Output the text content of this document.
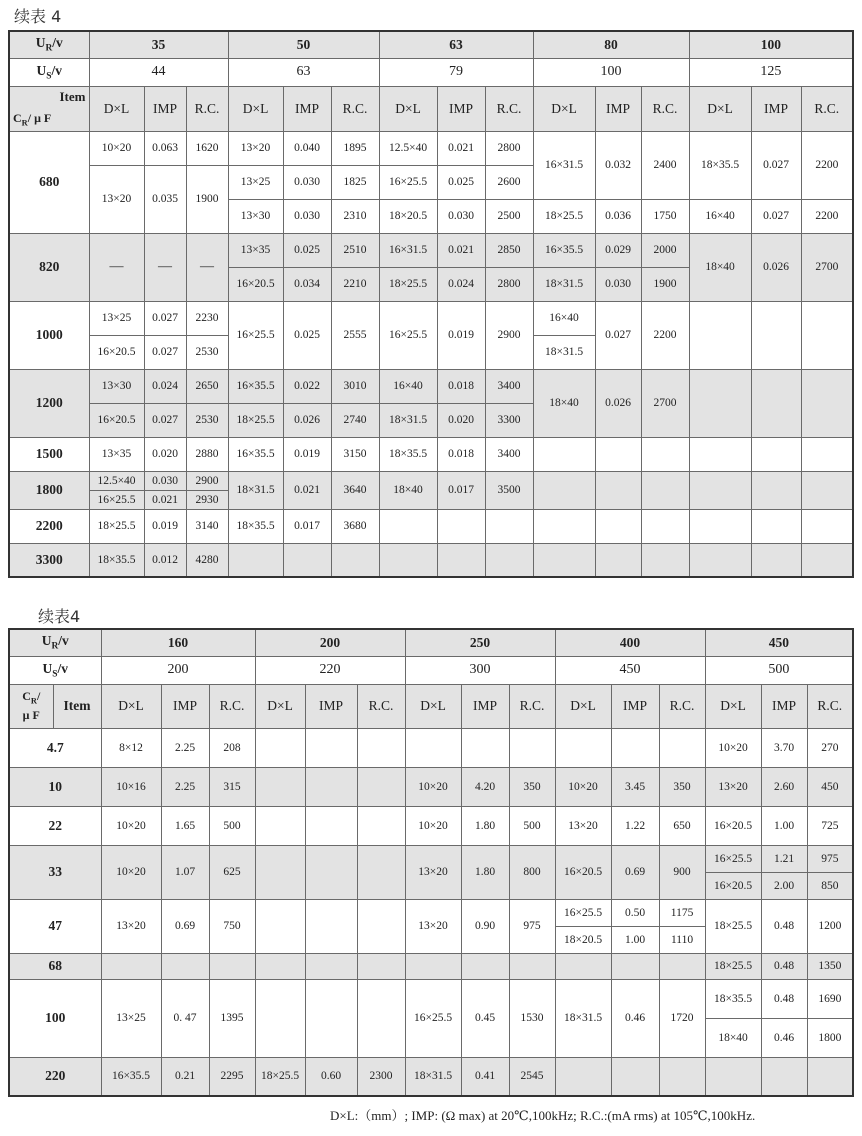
续表 4
$U_R/v$	35			50			63			80			100		
$U_S/v$	44			63			79			100			125		

Item
$C_R/$ μ F	D×L	IMP	R.C.	D×L	IMP	R.C.	D×L	IMP	R.C.	D×L	IMP	R.C.	D×L	IMP	R.C.
680	10×20	0.063	1620	13×20	0.040	1895	12.5×40	0.021	2800	16×31.5	0.032	2400	18×35.5	0.027	2200

	13×20	0.035	1900	13×25	0.030	1825	16×25.5	0.025	2600						
				13×30	0.030	2310	18×20.5	0.030	2500	18×25.5	0.036	1750	16×40	0.027	2200
820	—	—	—	13×35	0.025	2510	16×31.5	0.021	2850	16×35.5	0.029	2000	18×40	0.026	2700
				16×20.5	0.034	2210	18×25.5	0.024	2800	18×31.5	0.030	1900			
1000	13×25	0.027	2230	16×25.5	0.025	2555	16×25.5	0.019	2900	16×40	0.027	2200			
	16×20.5	0.027	2530							18×31.5					
1200	13×30	0.024	2650	16×35.5	0.022	3010	16×40	0.018	3400	18×40	0.026	2700			
	16×20.5	0.027	2530	18×25.5	0.026	2740	18×31.5	0.020	3300						
1500	13×35	0.020	2880	16×35.5	0.019	3150	18×35.5	0.018	3400						
1800	12.5×40	0.030	2900	18×31.5	0.021	3640	18×40	0.017	3500						
	16×25.5	0.021	2930												
2200	18×25.5	0.019	3140	18×35.5	0.017	3680									
3300	18×35.5	0.012	4280												
续表4
$U_R/v$		160			200			250			400			450		
$U_S/v$		200			220			300			450			500		
$C_R/$
μ F	Item	D×L	IMP	R.C.	D×L	IMP	R.C.	D×L	IMP	R.C.	D×L	IMP	R.C.	D×L	IMP	R.C.
4.7		8×12	2.25	208										10×20	3.70	270
10		10×16	2.25	315				10×20	4.20	350	10×20	3.45	350	13×20	2.60	450
22		10×20	1.65	500				10×20	1.80	500	13×20	1.22	650	16×20.5	1.00	725
33		10×20	1.07	625				13×20	1.80	800	16×20.5	0.69	900	16×25.5	1.21	975
														16×20.5	2.00	850
47		13×20	0.69	750				13×20	0.90	975	16×25.5	0.50	1175	18×25.5	0.48	1200
											18×20.5	1.00	1110			
68														18×25.5	0.48	1350
100		13×25	0. 47	1395				16×25.5	0.45	1530	18×31.5	0.46	1720	18×35.5	0.48	1690
														18×40	0.46	1800
220		16×35.5	0.21	2295	18×25.5	0.60	2300	18×31.5	0.41	2545						
D×L:（mm）; IMP: (Ω max) at 20℃,100kHz; R.C.:(mA rms) at 105℃,100kHz.
